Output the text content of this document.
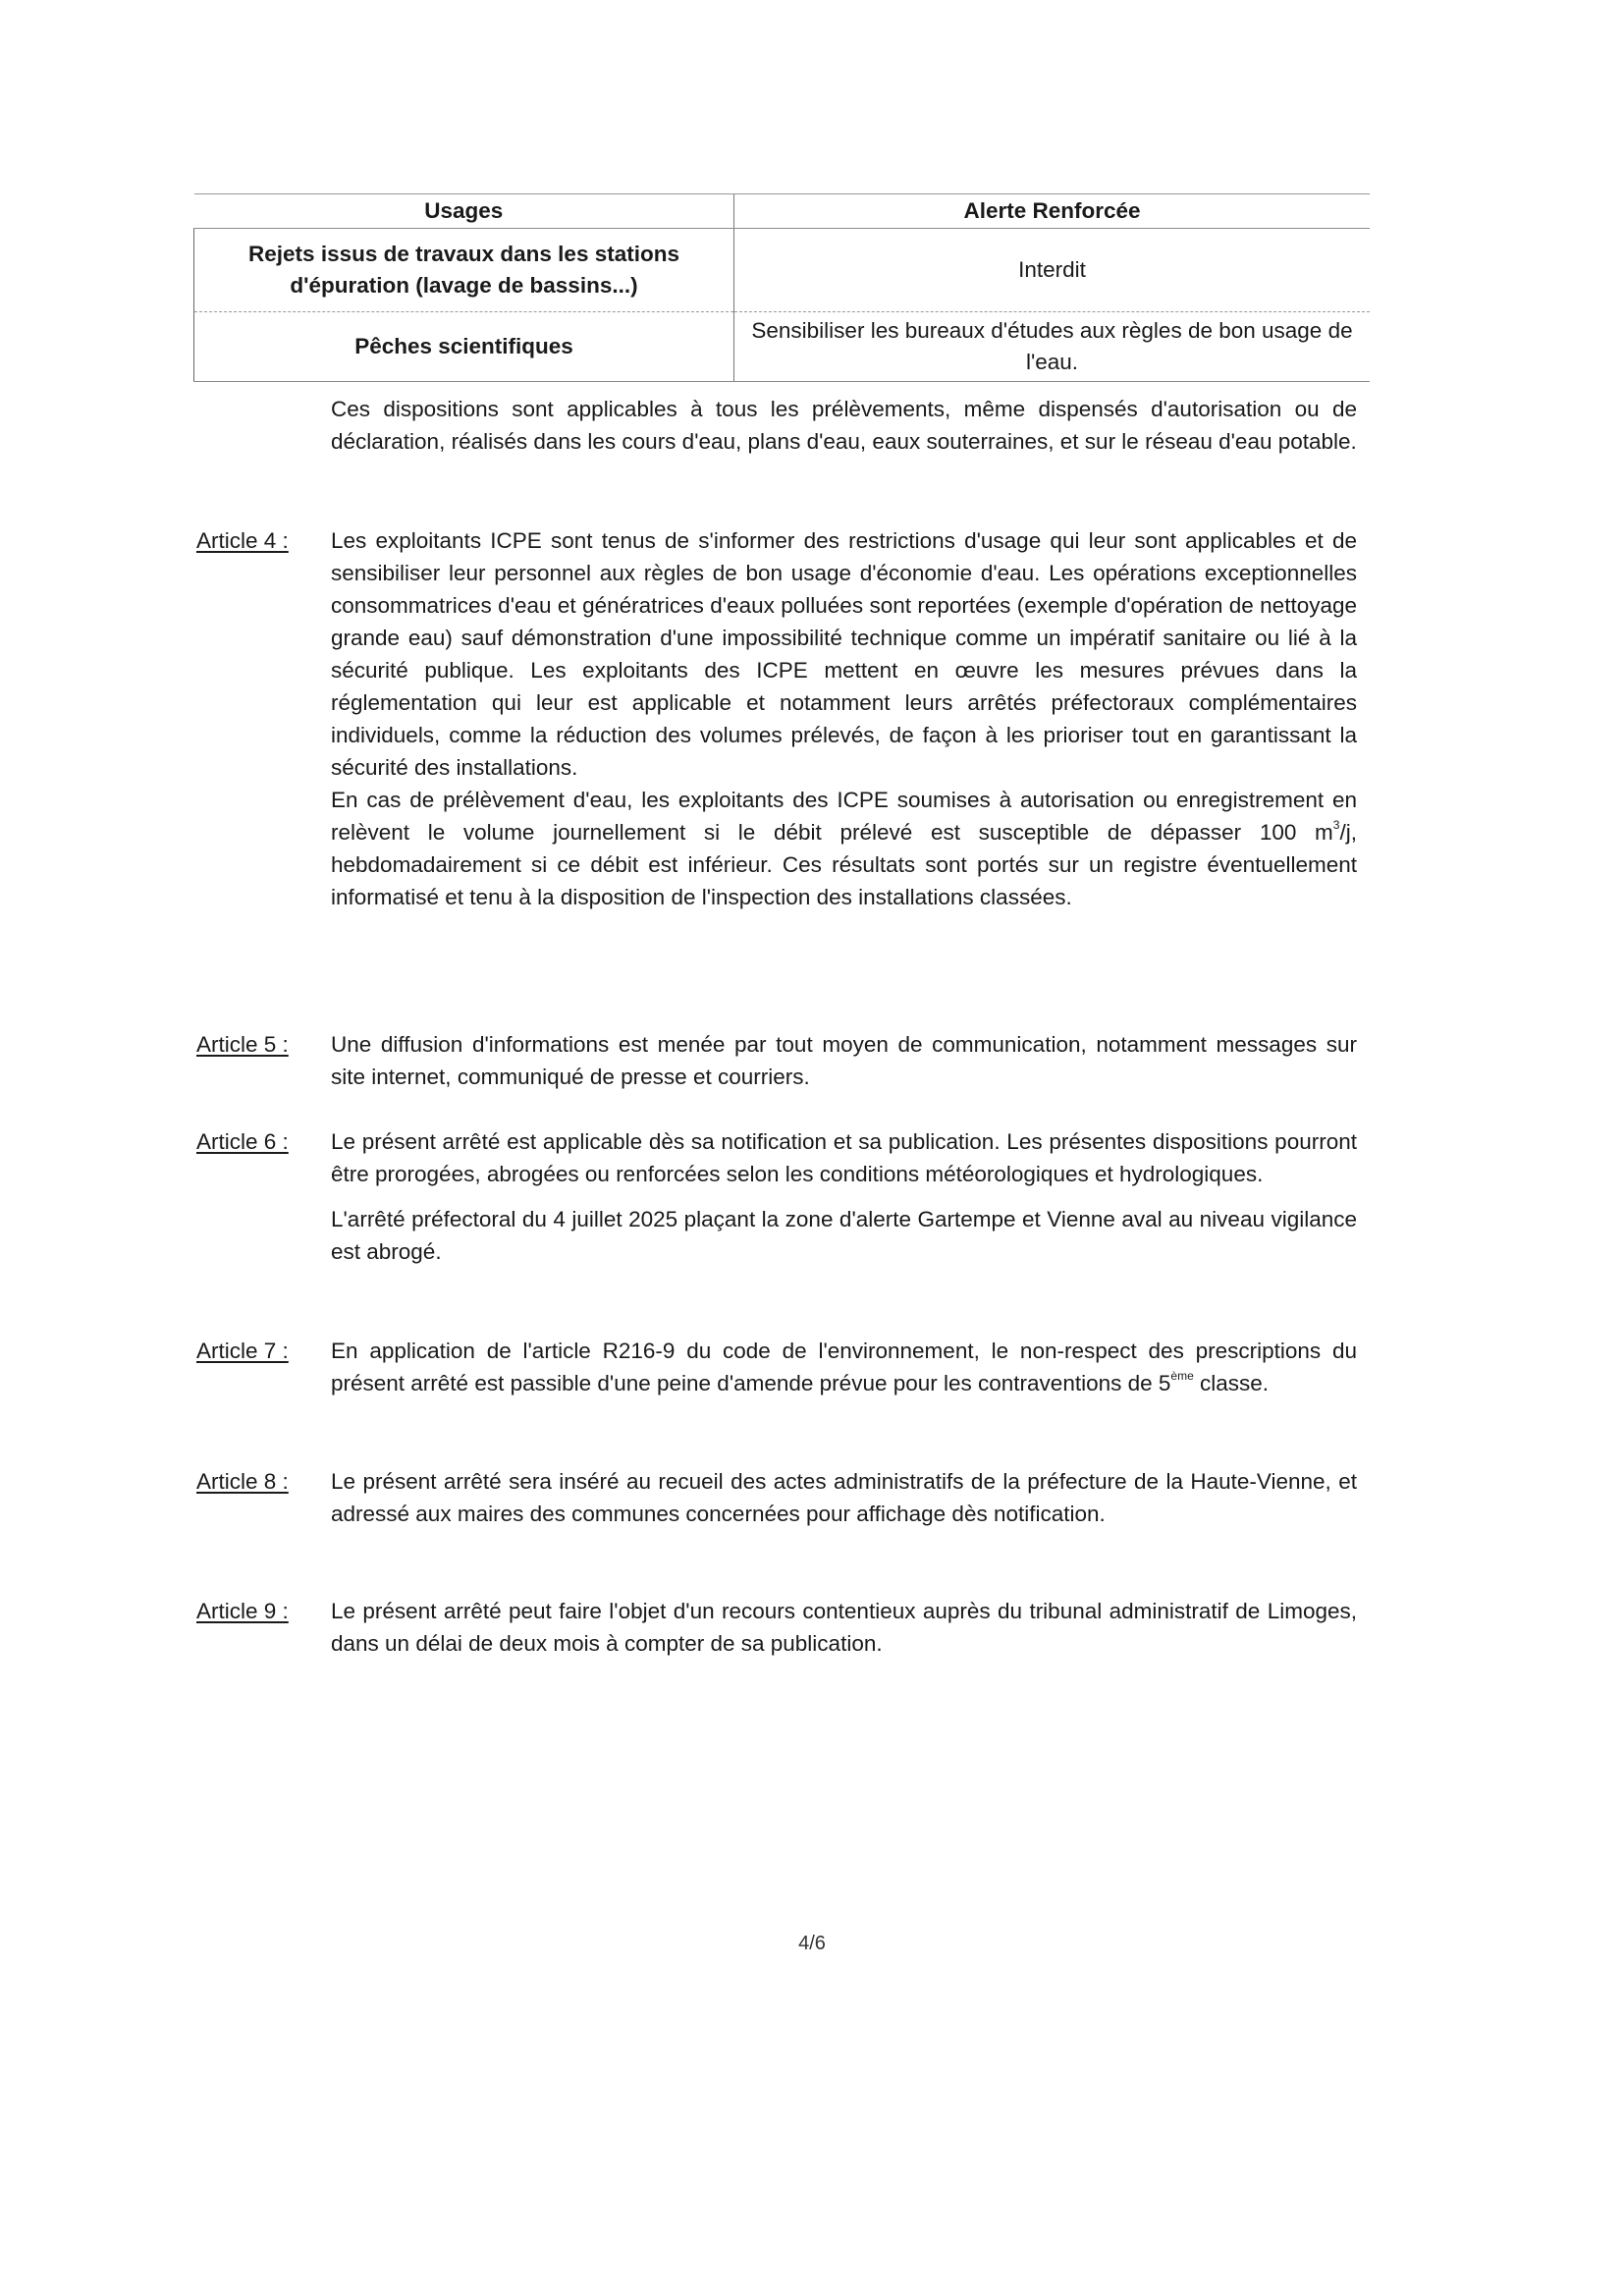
Usages	Alerte Renforcée
Rejets issus de travaux dans les stations d'épuration (lavage de bassins...)	Interdit
Pêches scientifiques	Sensibiliser les bureaux d'études aux règles de bon usage de l'eau.

Ces dispositions sont applicables à tous les prélèvements, même dispensés d'autorisation ou de déclaration, réalisés dans les cours d'eau, plans d'eau, eaux souterraines, et sur le réseau d'eau potable.

Article 4 :	Les exploitants ICPE sont tenus de s'informer des restrictions d'usage qui leur sont applicables et de sensibiliser leur personnel aux règles de bon usage d'économie d'eau. Les opérations exceptionnelles consommatrices d'eau et génératrices d'eaux polluées sont reportées (exemple d'opération de nettoyage grande eau) sauf démonstration d'une impossibilité technique comme un impératif sanitaire ou lié à la sécurité publique. Les exploitants des ICPE mettent en œuvre les mesures prévues dans la réglementation qui leur est applicable et notamment leurs arrêtés préfectoraux complémentaires individuels, comme la réduction des volumes prélevés, de façon à les prioriser tout en garantissant la sécurité des installations.

En cas de prélèvement d'eau, les exploitants des ICPE soumises à autorisation ou enregistrement en relèvent le volume journellement si le débit prélevé est susceptible de dépasser 100 $m^3/j$, hebdomadairement si ce débit est inférieur. Ces résultats sont portés sur un registre éventuellement informatisé et tenu à la disposition de l'inspection des installations classées.

Article 5 :	Une diffusion d'informations est menée par tout moyen de communication, notamment messages sur site internet, communiqué de presse et courriers.

Article 6 :	Le présent arrêté est applicable dès sa notification et sa publication. Les présentes dispositions pourront être prorogées, abrogées ou renforcées selon les conditions météorologiques et hydrologiques.

L'arrêté préfectoral du 4 juillet 2025 plaçant la zone d'alerte Gartempe et Vienne aval au niveau vigilance est abrogé.

Article 7 :	En application de l'article R216-9 du code de l'environnement, le non-respect des prescriptions du présent arrêté est passible d'une peine d'amende prévue pour les contraventions de 5ème classe.

Article 8 :	Le présent arrêté sera inséré au recueil des actes administratifs de la préfecture de la Haute-Vienne, et adressé aux maires des communes concernées pour affichage dès notification.

Article 9 :	Le présent arrêté peut faire l'objet d'un recours contentieux auprès du tribunal administratif de Limoges, dans un délai de deux mois à compter de sa publication.

4/6
